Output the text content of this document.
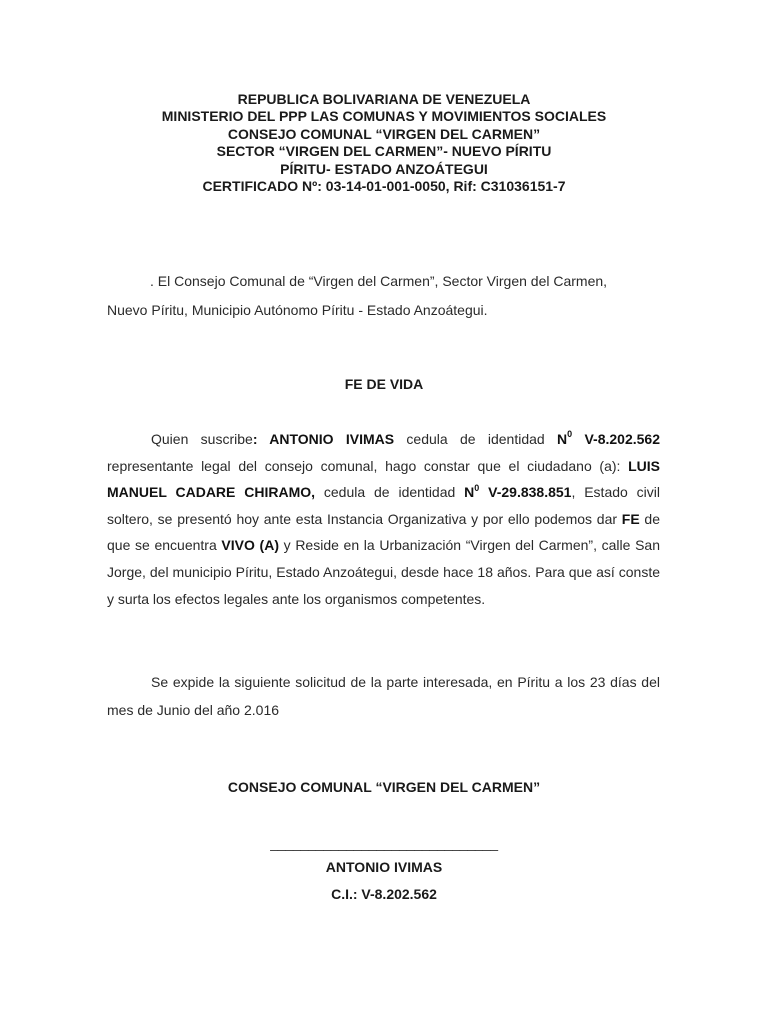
REPUBLICA BOLIVARIANA DE VENEZUELA
MINISTERIO DEL PPP LAS COMUNAS Y MOVIMIENTOS SOCIALES
CONSEJO COMUNAL “VIRGEN DEL CARMEN”
SECTOR “VIRGEN DEL CARMEN”- NUEVO PÍRITU
PÍRITU- ESTADO ANZOÁTEGUI
CERTIFICADO Nº: 03-14-01-001-0050, Rif: C31036151-7
. El Consejo Comunal de “Virgen del Carmen”, Sector Virgen del Carmen,
Nuevo Píritu, Municipio Autónomo Píritu - Estado Anzoátegui.
FE DE VIDA
Quien suscribe: ANTONIO IVIMAS cedula de identidad $N^0$ V-8.202.562 representante legal del consejo comunal, hago constar que el ciudadano (a): LUIS MANUEL CADARE CHIRAMO, cedula de identidad $N^0$ V-29.838.851, Estado civil soltero, se presentó hoy ante esta Instancia Organizativa y por ello podemos dar FE de que se encuentra VIVO (A) y Reside en la Urbanización “Virgen del Carmen”, calle San Jorge, del municipio Píritu, Estado Anzoátegui, desde hace 18 años. Para que así conste y surta los efectos legales ante los organismos competentes.
Se expide la siguiente solicitud de la parte interesada, en Píritu a los 23 días del mes de Junio del año 2.016
CONSEJO COMUNAL “VIRGEN DEL CARMEN”
______________________________
ANTONIO IVIMAS
C.I.: V-8.202.562
